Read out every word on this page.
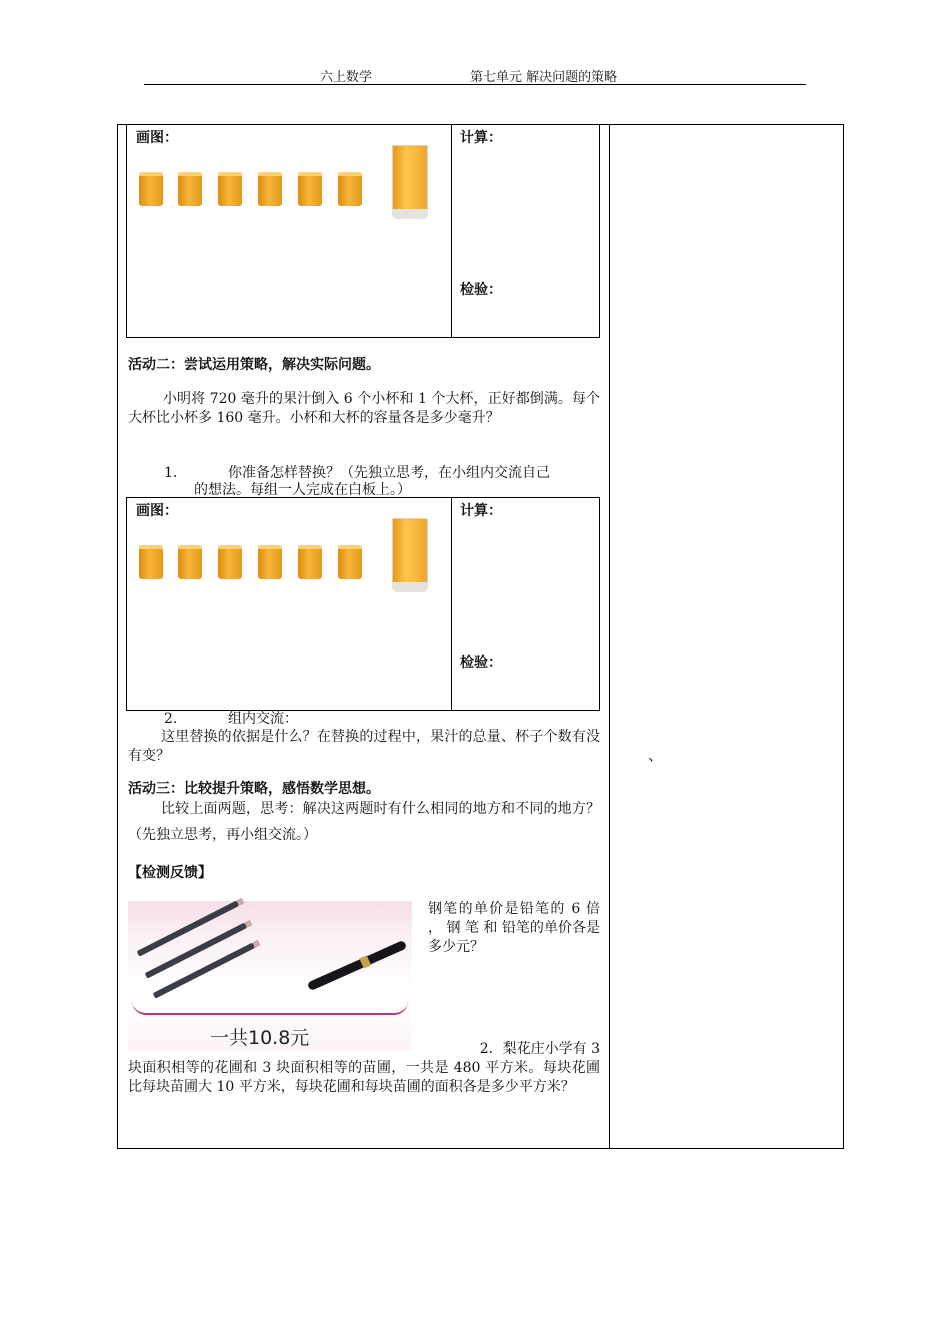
六上数学	第七单元 解决问题的策略
画图：	计算：
检验：
活动二：尝试运用策略，解决实际问题。
小明将 720 毫升的果汁倒入 6 个小杯和 1 个大杯，正好都倒满。每个大杯比小杯多 160 毫升。小杯和大杯的容量各是多少毫升？
1．	你准备怎样替换？（先独立思考，在小组内交流自己
的想法。每组一人完成在白板上。）
画图：	计算：
检验：
2．	组内交流：
这里替换的依据是什么？在替换的过程中，果汁的总量、杯子个数有没有变？
活动三：比较提升策略，感悟数学思想。
比较上面两题，思考：解决这两题时有什么相同的地方和不同的地方？（先独立思考，再小组交流。）
【检测反馈】
一共10.8元
钢笔的单价是铅笔的 6 倍 ， 钢 笔 和 铅笔的单价各是多少元？
2．梨花庄小学有 3
块面积相等的花圃和 3 块面积相等的苗圃，一共是 480 平方米。每块花圃比每块苗圃大 10 平方米，每块花圃和每块苗圃的面积各是多少平方米？
、
